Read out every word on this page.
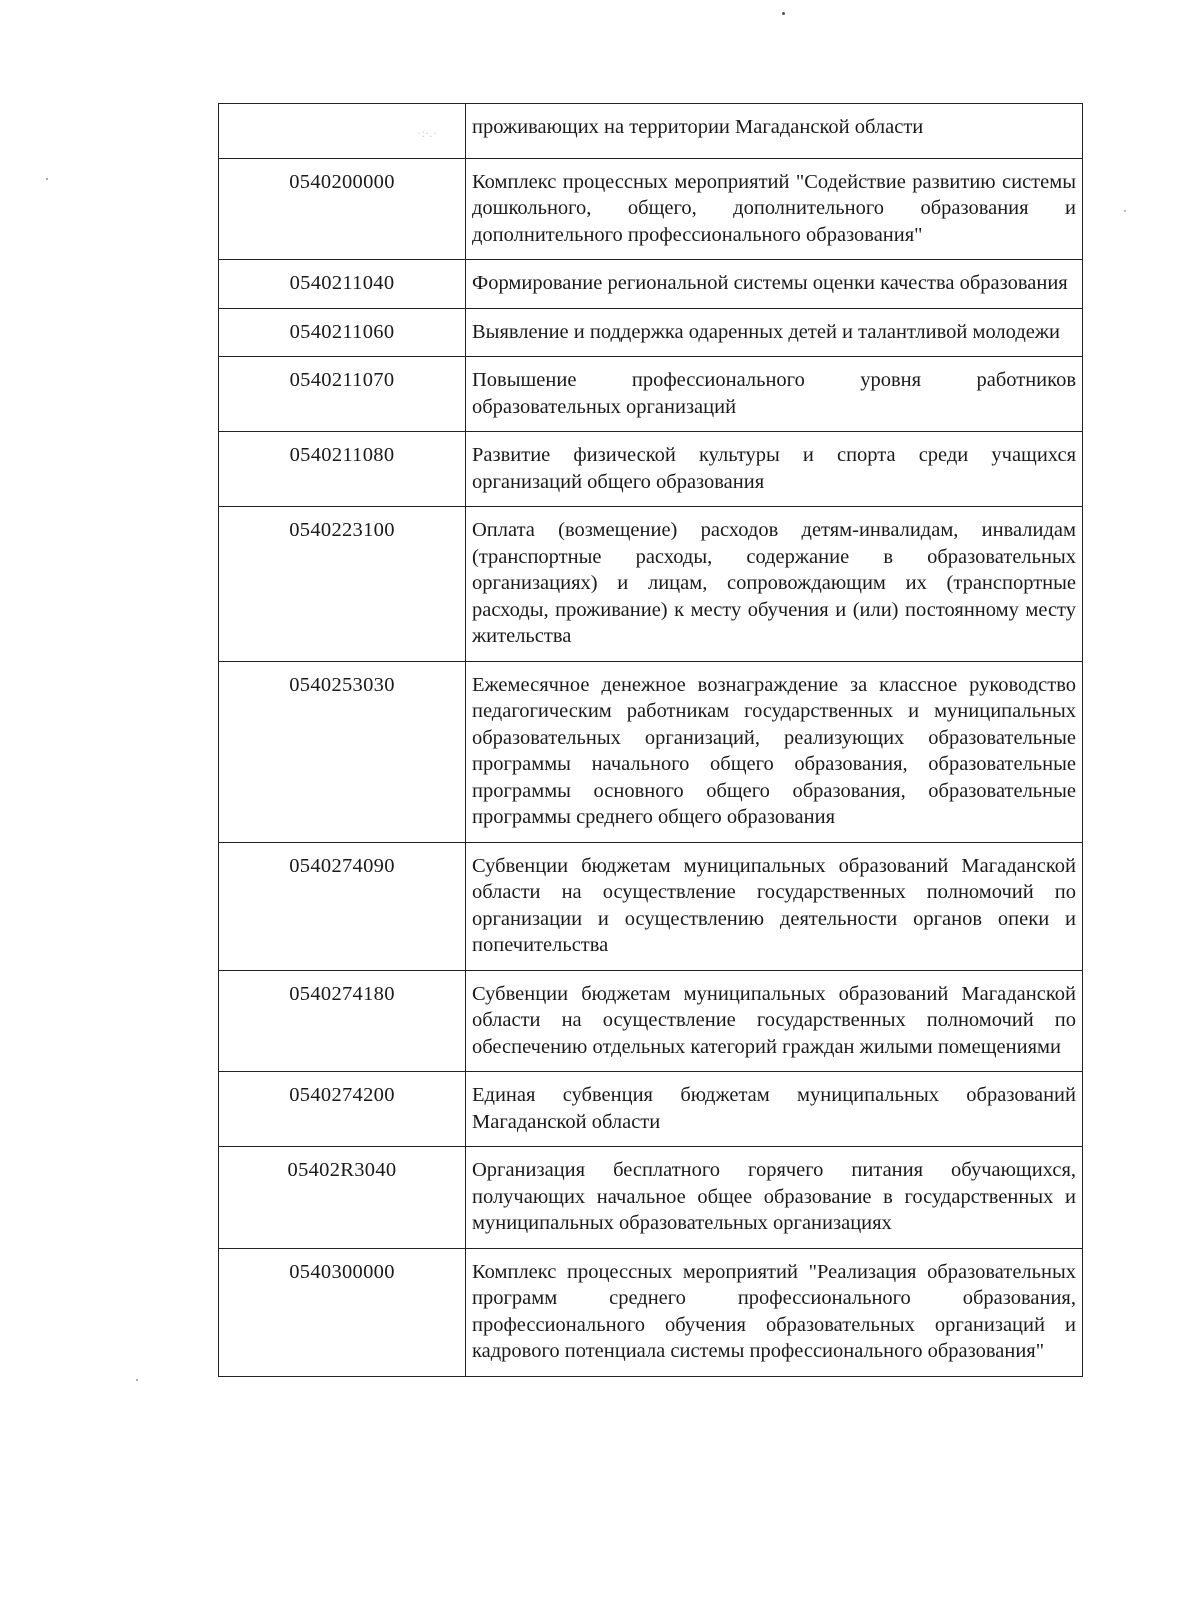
·:·.·	проживающих на территории Магаданской области
0540200000	Комплекс процессных мероприятий "Содействие развитию системы дошкольного, общего, дополнительного образования и дополнительного профессионального образования"
0540211040	Формирование региональной системы оценки качества образования
0540211060	Выявление и поддержка одаренных детей и талантливой молодежи
0540211070	Повышение профессионального уровня работников образовательных организаций
0540211080	Развитие физической культуры и спорта среди учащихся организаций общего образования
0540223100	Оплата (возмещение) расходов детям-инвалидам, инвалидам (транспортные расходы, содержание в образовательных организациях) и лицам, сопровождающим их (транспортные расходы, проживание) к месту обучения и (или) постоянному месту жительства
0540253030	Ежемесячное денежное вознаграждение за классное руководство педагогическим работникам государственных и муниципальных образовательных организаций, реализующих образовательные программы начального общего образования, образовательные программы основного общего образования, образовательные программы среднего общего образования
0540274090	Субвенции бюджетам муниципальных образований Магаданской области на осуществление государственных полномочий по организации и осуществлению деятельности органов опеки и попечительства
0540274180	Субвенции бюджетам муниципальных образований Магаданской области на осуществление государственных полномочий по обеспечению отдельных категорий граждан жилыми помещениями
0540274200	Единая субвенция бюджетам муниципальных образований Магаданской области
05402R3040	Организация бесплатного горячего питания обучающихся, получающих начальное общее образование в государственных и муниципальных образовательных организациях
0540300000	Комплекс процессных мероприятий "Реализация образовательных программ среднего профессионального образования, профессионального обучения образовательных организаций и кадрового потенциала системы профессионального образования"
